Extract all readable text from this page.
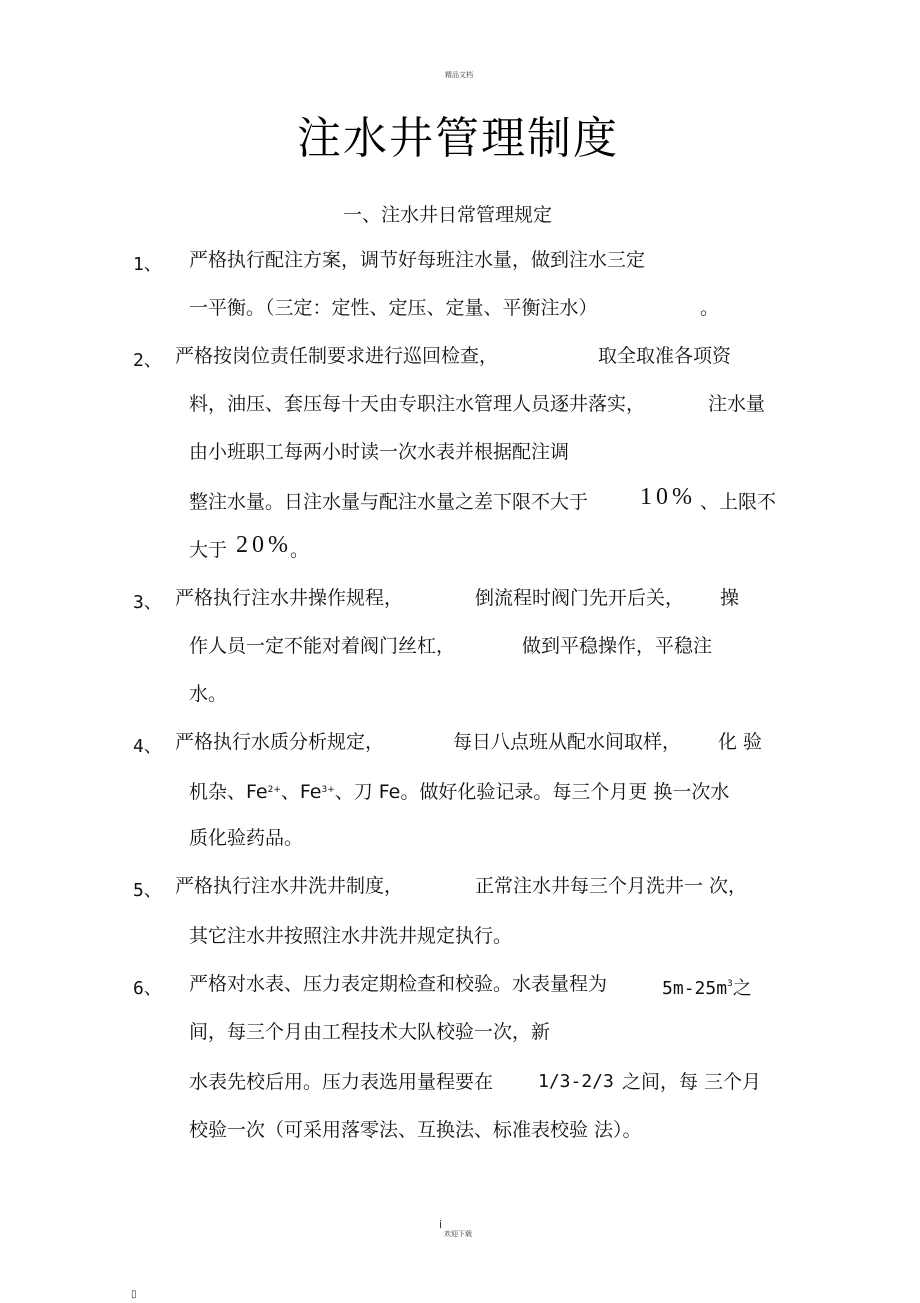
精品文档
注水井管理制度
一、注水井日常管理规定
1、 严格执行配注方案，调节好每班注水量，做到注水三定
一平衡。（三定：定性、定压、定量、平衡注水）	。
2、 严格按岗位责任制要求进行巡回检查，	取全取准各项资
料，油压、套压每十天由专职注水管理人员逐井落实，	注水量
由小班职工每两小时读一次水表并根据配注调
整注水量。日注水量与配注水量之差下限不大于 10% 、上限不
大于 20%
。
3、 严格执行注水井操作规程，	倒流程时阀门先开后关， 操
作人员一定不能对着阀门丝杠，	做到平稳操作，平稳注
水。
4、 严格执行水质分析规定，	每日八点班从配水间取样， 化 验
机杂、$Fe^{2+}$、$Fe^{3+}$、刀 Fe。做好化验记录。每三个月更 换一次水
质化验药品。
5、 严格执行注水井洗井制度，	正常注水井每三个月洗井一 次，
其它注水井按照注水井洗井规定执行。
6、 严格对水表、压力表定期检查和校验。水表量程为	$5m-25m^3$之
间，每三个月由工程技术大队校验一次，新
水表先校后用。压力表选用量程要在 1/3-2/3 之间，每 三个月
校验一次（可采用落零法、互换法、标准表校验 法）。
i
欢迎下载
▯
